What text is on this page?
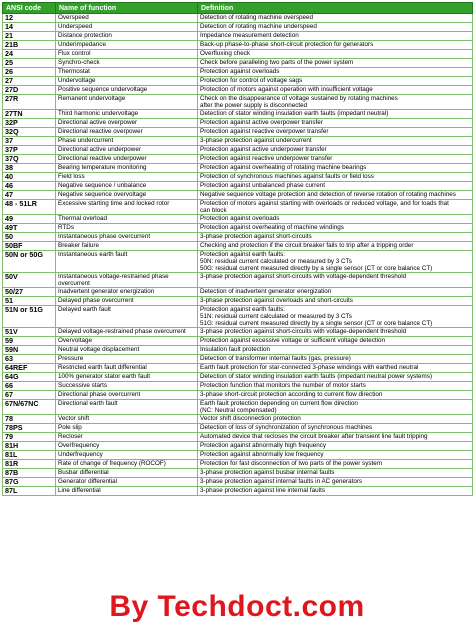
ANSI code	Name of function	Definition
12	Overspeed	Detection of rotating machine overspeed
14	Underspeed	Detection of rotating machine underspeed
21	Distance protection	Impedance measurement detection
21B	Underimpedance	Back-up phase-to-phase short-circuit protection for generators
24	Flux control	Overfluxing check
25	Synchro-check	Check before paralleling two parts of the power system
26	Thermostat	Protection against overloads
27	Undervoltage	Protection for control of voltage sags
27D	Positive sequence undervoltage	Protection of motors against operation with insufficient voltage
27R	Remanent undervoltage	Check on the disappearance of voltage sustained by rotating machines
after the power supply is disconnected
27TN	Third harmonic undervoltage	Detection of stator winding insulation earth faults (impedant neutral)
32P	Directional active overpower	Protection against active overpower transfer
32Q	Directional reactive overpower	Protection against reactive overpower transfer
37	Phase undercurrent	3-phase protection against undercurrent
37P	Directional active underpower	Protection against active underpower transfer
37Q	Directional reactive underpower	Protection against reactive underpower transfer
38	Bearing temperature monitoring	Protection against overheating of rotating machine bearings
40	Field loss	Protection of synchronous machines against faults or field loss
46	Negative sequence / unbalance	Protection against unbalanced phase current
47	Negative sequence overvoltage	Negative sequence voltage protection and detection of reverse rotation of rotating machines
48 - 51LR	Excessive starting time and locked rotor	Protection of motors against starting with overloads or reduced voltage, and for loads that
can block
49	Thermal overload	Protection against overloads
49T	RTDs	Protection against overheating of machine windings
50	Instantaneous phase overcurrent	3-phase protection against short-circuits
50BF	Breaker failure	Checking and protection if the circuit breaker fails to trip after a tripping order
50N or 50G	Instantaneous earth fault	Protection against earth faults:
50N: residual current calculated or measured by 3 CTs
50G: residual current measured directly by a single sensor (CT or core balance CT)
50V	Instantaneous voltage-restrained phase
overcurrent	3-phase protection against short-circuits with voltage-dependent threshold
50/27	Inadvertent generator energization	Detection of inadvertent generator energization
51	Delayed phase overcurrent	3-phase protection against overloads and short-circuits
51N or 51G	Delayed earth fault	Protection against earth faults:
51N: residual current calculated or measured by 3 CTs
51G: residual current measured directly by a single sensor (CT or core balance CT)
51V	Delayed voltage-restrained phase overcurrent	3-phase protection against short-circuits with voltage-dependent threshold
59	Overvoltage	Protection against excessive voltage or sufficient voltage detection
59N	Neutral voltage displacement	Insulation fault protection
63	Pressure	Detection of transformer internal faults (gas, pressure)
64REF	Restricted earth fault differential	Earth fault protection for star-connected 3-phase windings with earthed neutral
64G	100% generator stator earth fault	Detection of stator winding insulation earth faults (impedant neutral power systems)
66	Successive starts	Protection function that monitors the number of motor starts
67	Directional phase overcurrent	3-phase short-circuit protection according to current flow direction
67N/67NC	Directional earth fault	Earth fault protection depending on current flow direction
(NC: Neutral compensated)
78	Vector shift	Vector shift disconnection protection
78PS	Pole slip	Detection of loss of synchronization of synchronous machines
79	Recloser	Automated device that recloses the circuit breaker after transient line fault tripping
81H	Overfrequency	Protection against abnormally high frequency
81L	Underfrequency	Protection against abnormally low frequency
81R	Rate of change of frequency (ROCOF)	Protection for fast disconnection of two parts of the power system
87B	Busbar differential	3-phase protection against busbar internal faults
87G	Generator differential	3-phase protection against internal faults in AC generators
87L	Line differential	3-phase protection against line internal faults
By Techdoct.com
